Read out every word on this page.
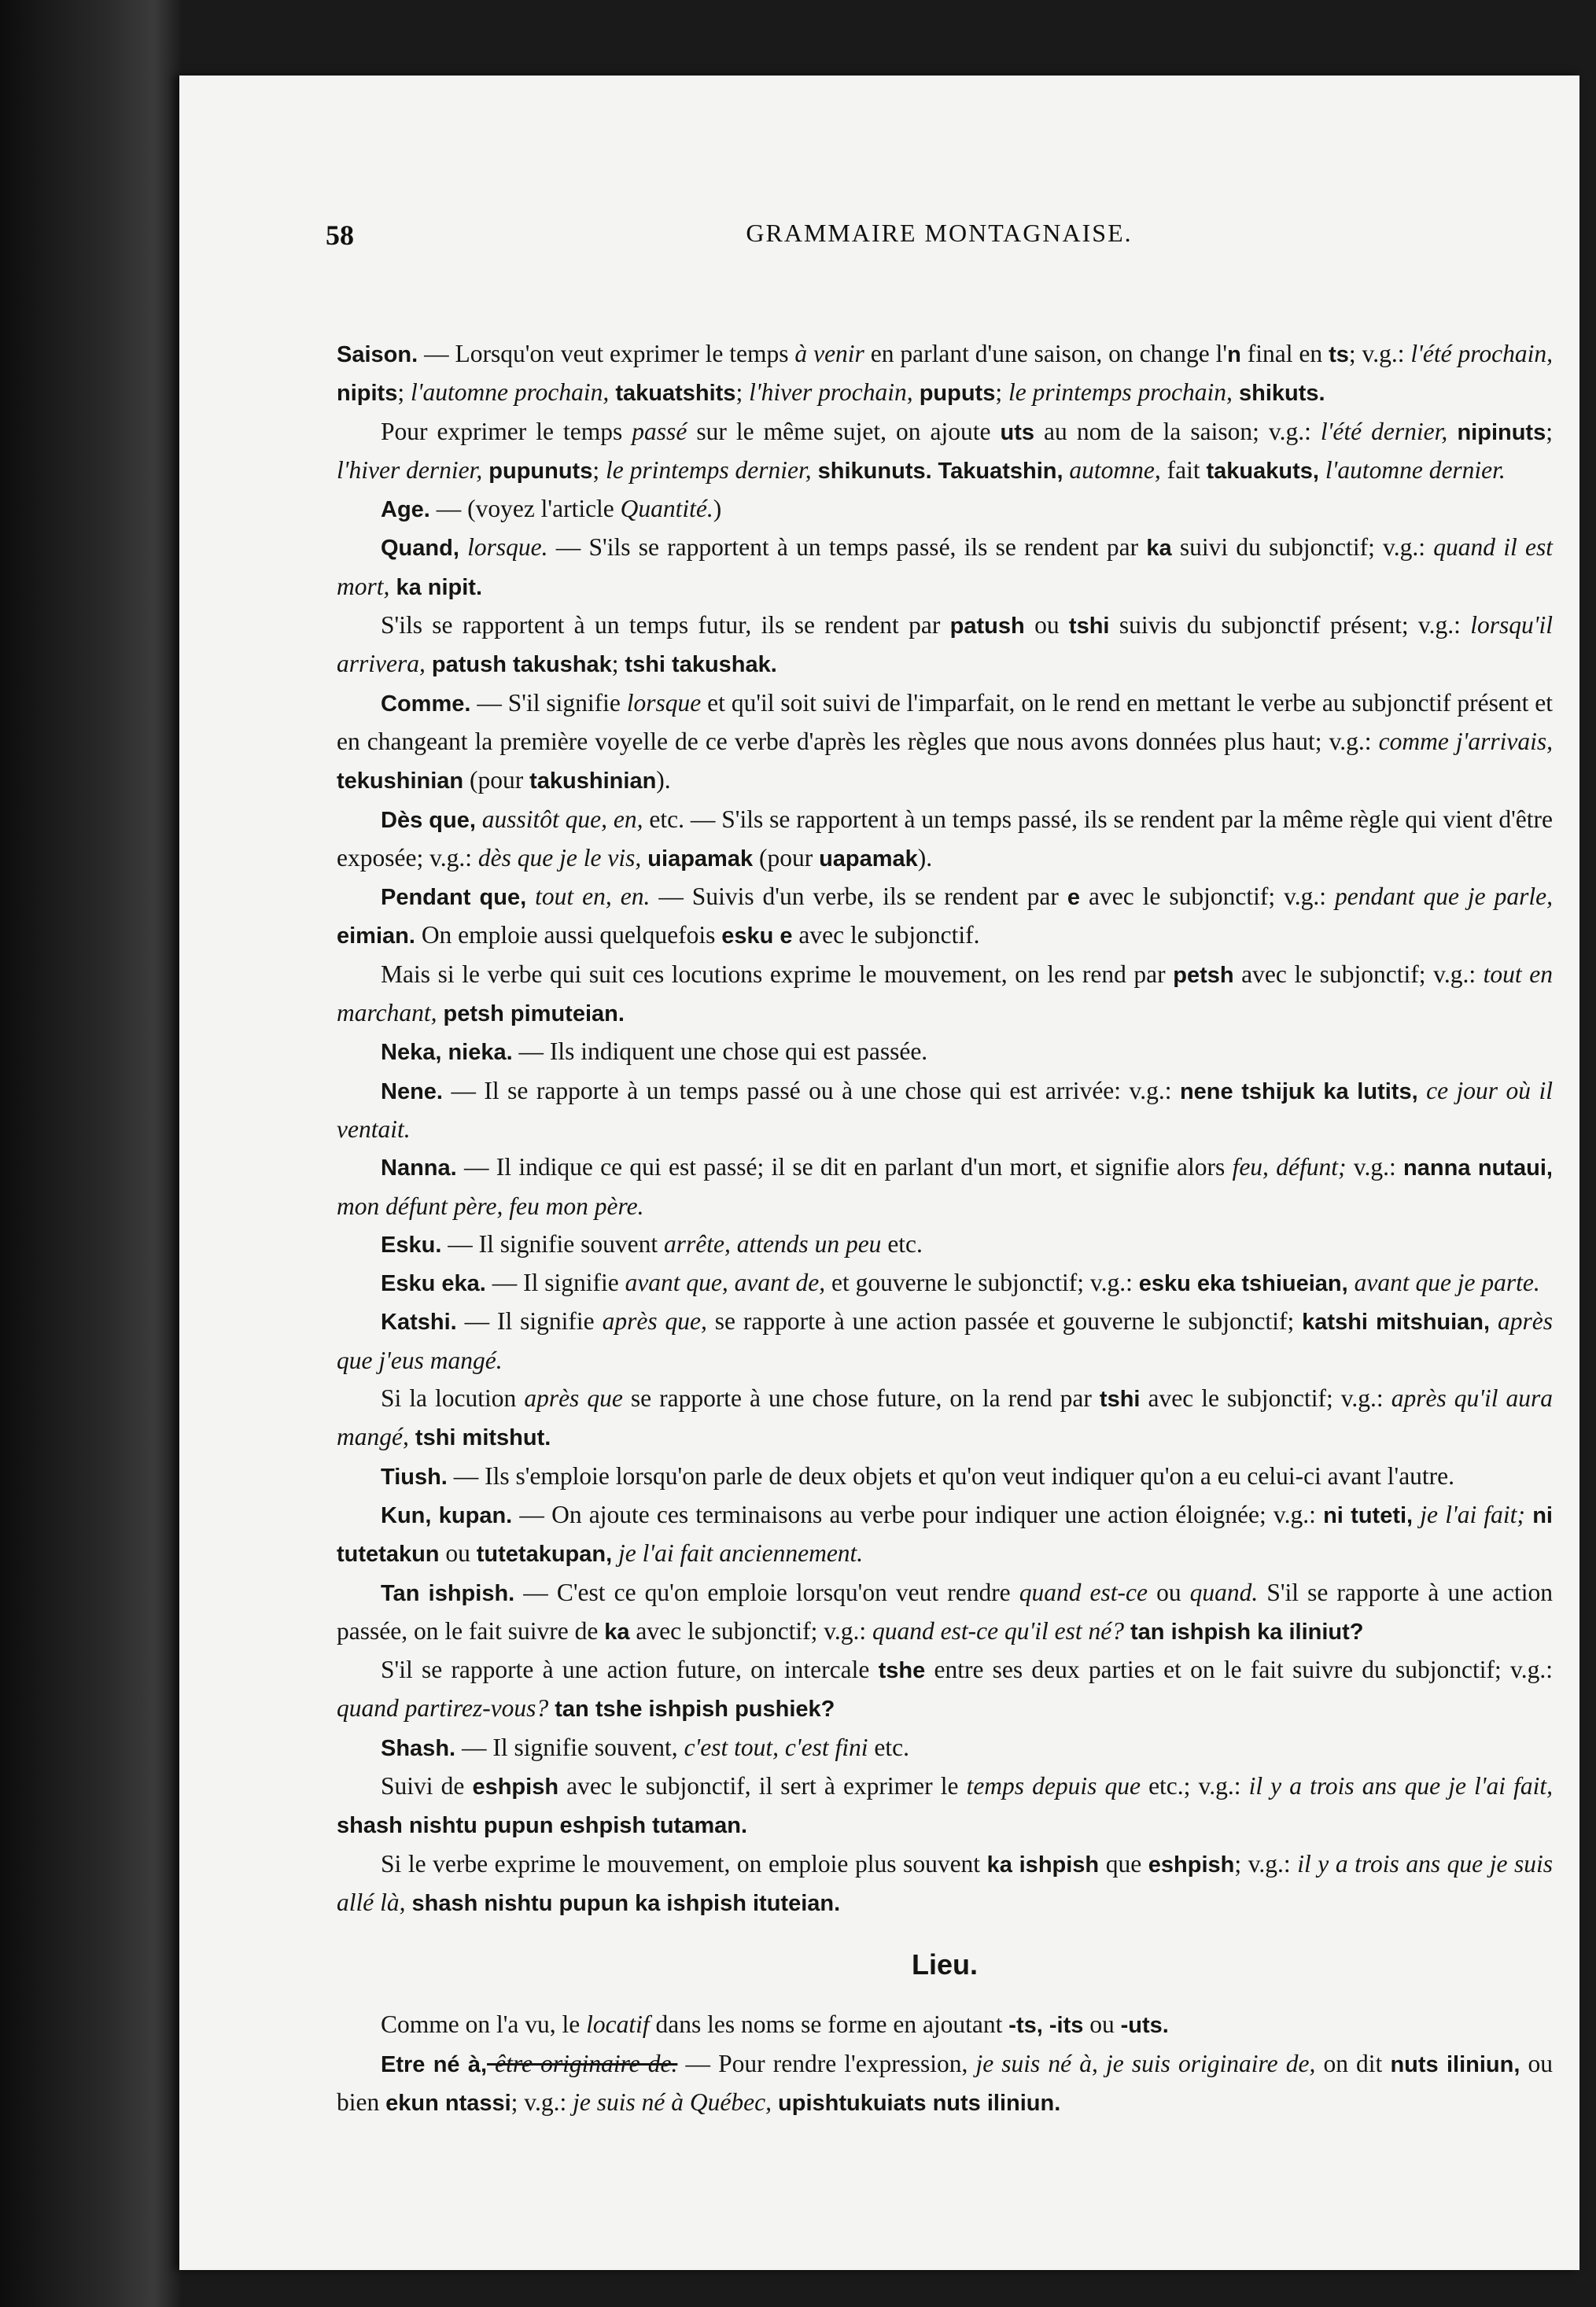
58	GRAMMAIRE MONTAGNAISE.

Saison. — Lorsqu'on veut exprimer le temps à venir en parlant d'une saison, on change l'n final en ts; v.g.: l'été prochain, nipits; l'automne prochain, takuatshits; l'hiver prochain, puputs; le printemps prochain, shikuts.

Pour exprimer le temps passé sur le même sujet, on ajoute uts au nom de la saison; v.g.: l'été dernier, nipinuts; l'hiver dernier, pupunuts; le printemps dernier, shikunuts. Takuatshin, automne, fait takuakuts, l'automne dernier.

Age. — (voyez l'article Quantité.)

Quand, lorsque. — S'ils se rapportent à un temps passé, ils se rendent par ka suivi du subjonctif; v.g.: quand il est mort, ka nipit.

S'ils se rapportent à un temps futur, ils se rendent par patush ou tshi suivis du subjonctif présent; v.g.: lorsqu'il arrivera, patush takushak; tshi takushak.

Comme. — S'il signifie lorsque et qu'il soit suivi de l'imparfait, on le rend en mettant le verbe au subjonctif présent et en changeant la première voyelle de ce verbe d'après les règles que nous avons données plus haut; v.g.: comme j'arrivais, tekushinian (pour takushinian).

Dès que, aussitôt que, en, etc. — S'ils se rapportent à un temps passé, ils se rendent par la même règle qui vient d'être exposée; v.g.: dès que je le vis, uiapamak (pour uapamak).

Pendant que, tout en, en. — Suivis d'un verbe, ils se rendent par e avec le subjonctif; v.g.: pendant que je parle, eimian. On emploie aussi quelquefois esku e avec le subjonctif.

Mais si le verbe qui suit ces locutions exprime le mouvement, on les rend par petsh avec le subjonctif; v.g.: tout en marchant, petsh pimuteian.

Neka, nieka. — Ils indiquent une chose qui est passée.

Nene. — Il se rapporte à un temps passé ou à une chose qui est arrivée: v.g.: nene tshijuk ka lutits, ce jour où il ventait.

Nanna. — Il indique ce qui est passé; il se dit en parlant d'un mort, et signifie alors feu, défunt; v.g.: nanna nutaui, mon défunt père, feu mon père.

Esku. — Il signifie souvent arrête, attends un peu etc.

Esku eka. — Il signifie avant que, avant de, et gouverne le subjonctif; v.g.: esku eka tshiueian, avant que je parte.

Katshi. — Il signifie après que, se rapporte à une action passée et gouverne le subjonctif; katshi mitshuian, après que j'eus mangé.

Si la locution après que se rapporte à une chose future, on la rend par tshi avec le subjonctif; v.g.: après qu'il aura mangé, tshi mitshut.

Tiush. — Ils s'emploie lorsqu'on parle de deux objets et qu'on veut indiquer qu'on a eu celui-ci avant l'autre.

Kun, kupan. — On ajoute ces terminaisons au verbe pour indiquer une action éloignée; v.g.: ni tuteti, je l'ai fait; ni tutetakun ou tutetakupan, je l'ai fait anciennement.

Tan ishpish. — C'est ce qu'on emploie lorsqu'on veut rendre quand est-ce ou quand. S'il se rapporte à une action passée, on le fait suivre de ka avec le subjonctif; v.g.: quand est-ce qu'il est né? tan ishpish ka iliniut?

S'il se rapporte à une action future, on intercale tshe entre ses deux parties et on le fait suivre du subjonctif; v.g.: quand partirez-vous? tan tshe ishpish pushiek?

Shash. — Il signifie souvent, c'est tout, c'est fini etc.

Suivi de eshpish avec le subjonctif, il sert à exprimer le temps depuis que etc.; v.g.: il y a trois ans que je l'ai fait, shash nishtu pupun eshpish tutaman.

Si le verbe exprime le mouvement, on emploie plus souvent ka ishpish que eshpish; v.g.: il y a trois ans que je suis allé là, shash nishtu pupun ka ishpish ituteian.

Lieu.

Comme on l'a vu, le locatif dans les noms se forme en ajoutant -ts, -its ou -uts.

Etre né à, être originaire de. — Pour rendre l'expression, je suis né à, je suis originaire de, on dit nuts iliniun, ou bien ekun ntassi; v.g.: je suis né à Québec, upishtukuiats nuts iliniun.
